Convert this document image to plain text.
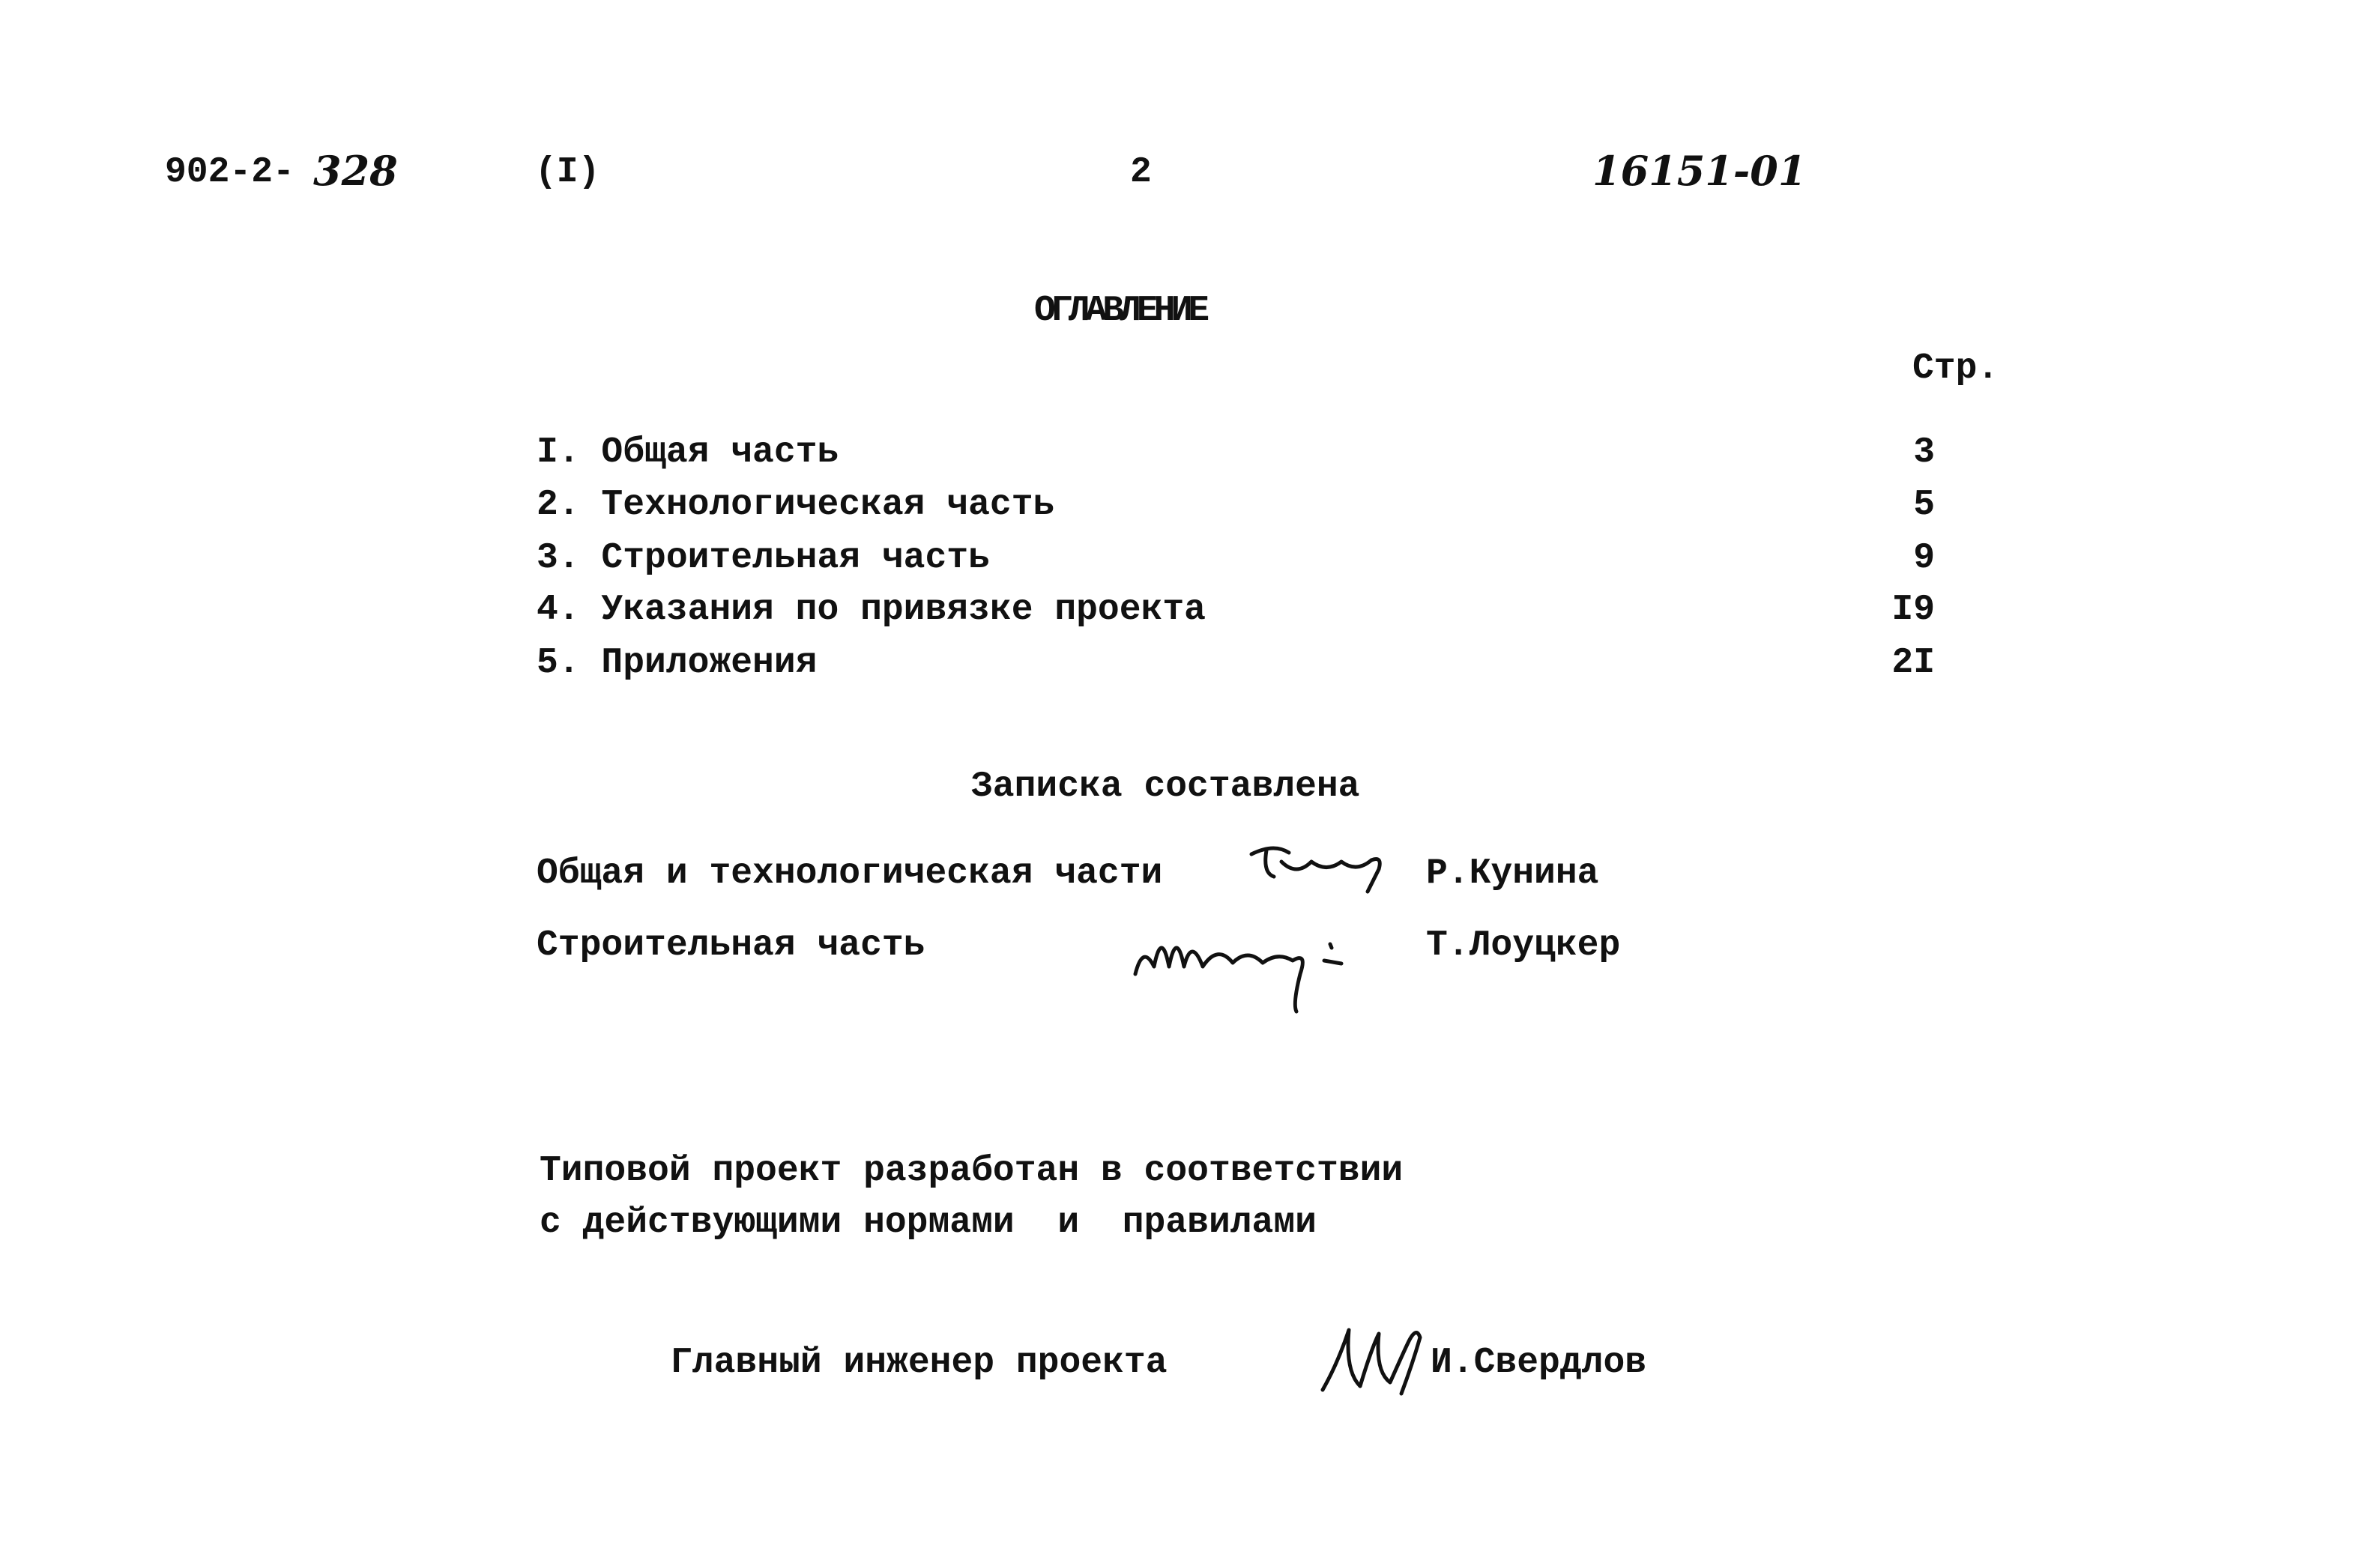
902-2- 328	(I)	2	16151-01
ОГЛАВЛЕНИЕ
Стр.
I. Общая часть	3
2. Технологическая часть	5
3. Строительная часть	9
4. Указания по привязке проекта	I9
5. Приложения	2I
Записка составлена
Общая и технологическая части	Р.Кунина
Строительная часть	Т.Лоуцкер
Типовой проект разработан в соответствии
с действующими нормами  и  правилами
Главный инженер проекта	И.Свердлов
